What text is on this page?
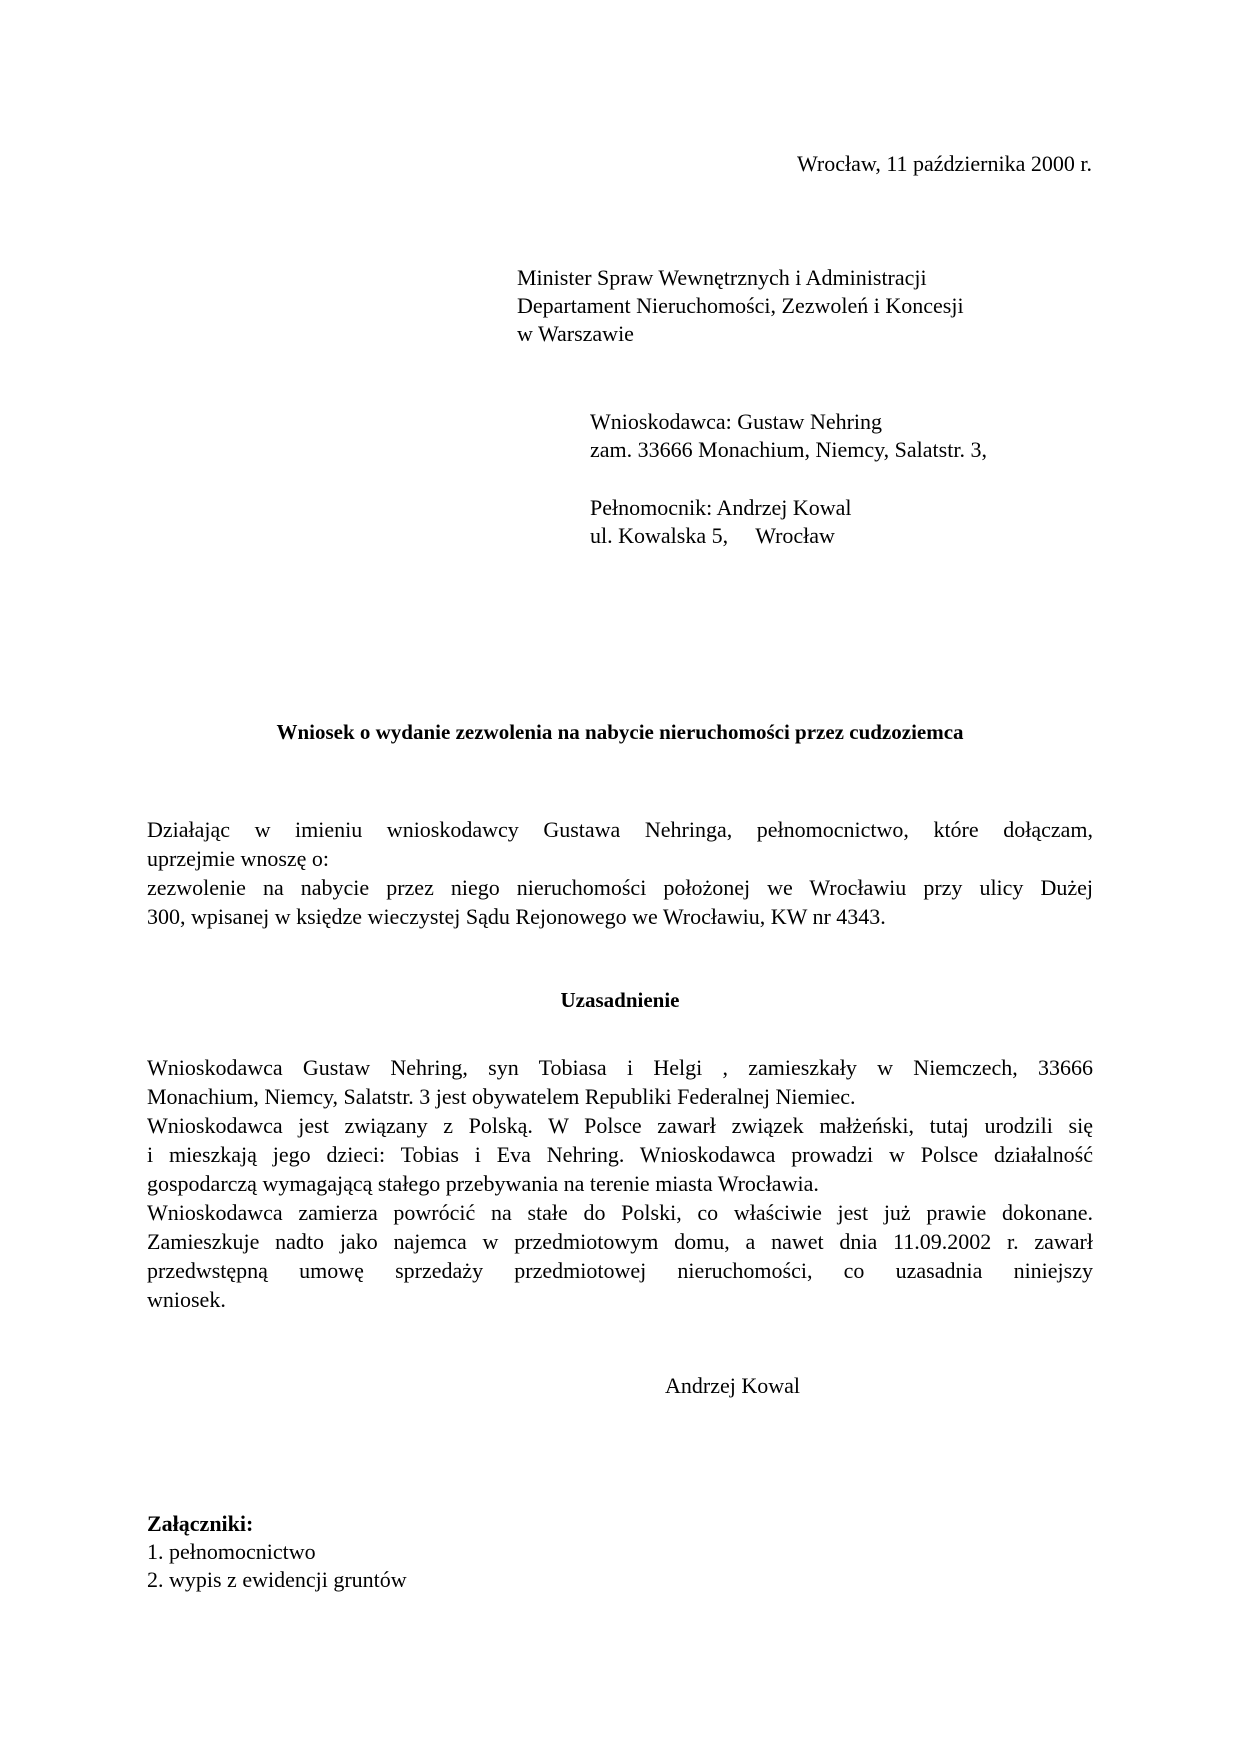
Wrocław, 11 października 2000 r.

Minister Spraw Wewnętrznych i Administracji

Departament Nieruchomości, Zezwoleń i Koncesji

w Warszawie

Wnioskodawca: Gustaw Nehring

zam. 33666 Monachium, Niemcy, Salatstr. 3,

Pełnomocnik: Andrzej Kowal

ul. Kowalska 5,     Wrocław

Wniosek o wydanie zezwolenia na nabycie nieruchomości przez cudzoziemca

Działając w imieniu wnioskodawcy Gustawa Nehringa, pełnomocnictwo, które dołączam,

uprzejmie wnoszę o:

zezwolenie na nabycie przez niego nieruchomości położonej we Wrocławiu przy ulicy Dużej

300, wpisanej w księdze wieczystej Sądu Rejonowego we Wrocławiu, KW nr 4343.

Uzasadnienie

Wnioskodawca Gustaw Nehring, syn Tobiasa i Helgi , zamieszkały w Niemczech, 33666

Monachium, Niemcy, Salatstr. 3 jest obywatelem Republiki Federalnej Niemiec.

Wnioskodawca jest związany z Polską. W Polsce zawarł związek małżeński, tutaj urodzili się

i mieszkają jego dzieci: Tobias i Eva Nehring. Wnioskodawca prowadzi w Polsce działalność

gospodarczą wymagającą stałego przebywania na terenie miasta Wrocławia.

Wnioskodawca zamierza powrócić na stałe do Polski, co właściwie jest już prawie dokonane.

Zamieszkuje nadto jako najemca w przedmiotowym domu, a nawet dnia 11.09.2002 r. zawarł

przedwstępną umowę sprzedaży przedmiotowej nieruchomości, co uzasadnia niniejszy

wniosek.

Andrzej Kowal

Załączniki:

1. pełnomocnictwo

2. wypis z ewidencji gruntów
